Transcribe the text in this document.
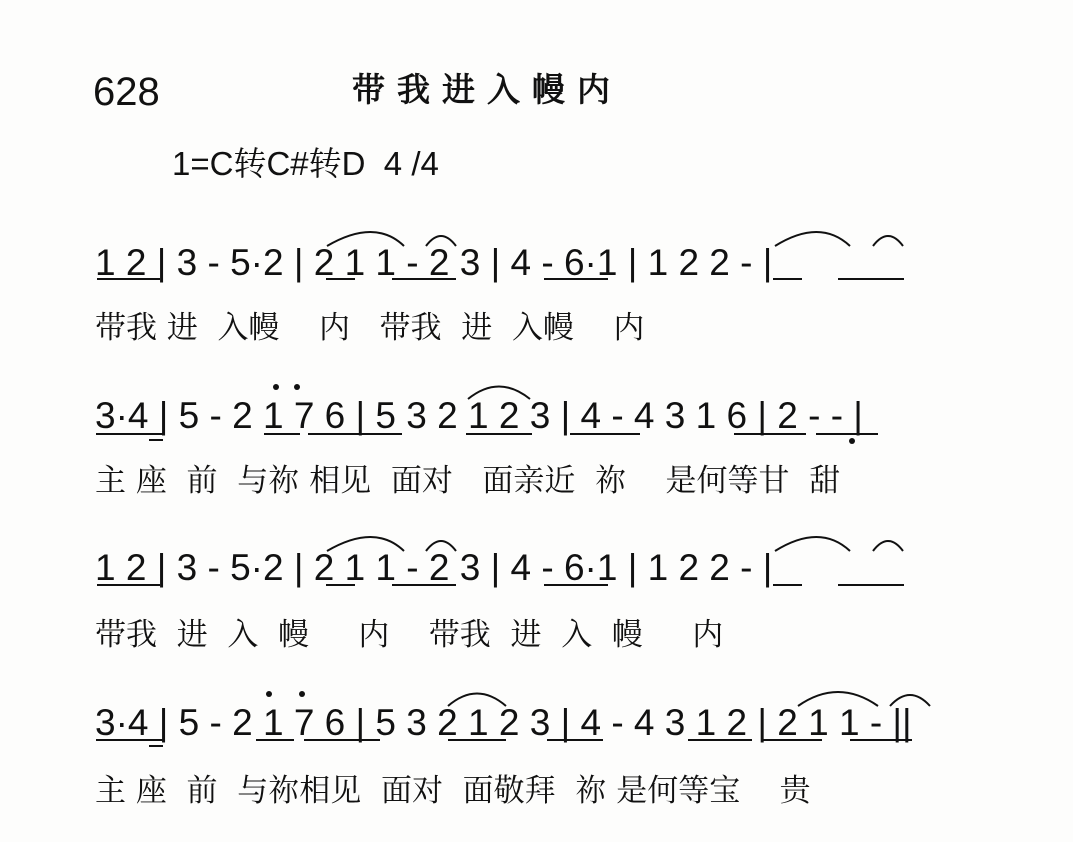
628	带我进入幔内
1=C转C#转D  4 /4
1 2 | 3 - 5·2 | 2 1 1 - 2 3 | 4 - 6·1 | 1 2 2 - |
带我 进  入幔    内   带我  进  入幔    内
3·4 | 5 - 2 1 7 6 | 5 3 2 1 2 3 | 4 - 4 3 1 6 | 2 - - |
主 座  前  与祢 相见  面对   面亲近  祢    是何等甘  甜
1 2 | 3 - 5·2 | 2 1 1 - 2 3 | 4 - 6·1 | 1 2 2 - |
带我  进  入  幔     内    带我  进  入  幔     内
3·4 | 5 - 2 1 7 6 | 5 3 2 1 2 3 | 4 - 4 3 1 2 | 2 1 1 - ||
主 座  前  与祢相见  面对  面敬拜  祢 是何等宝    贵
